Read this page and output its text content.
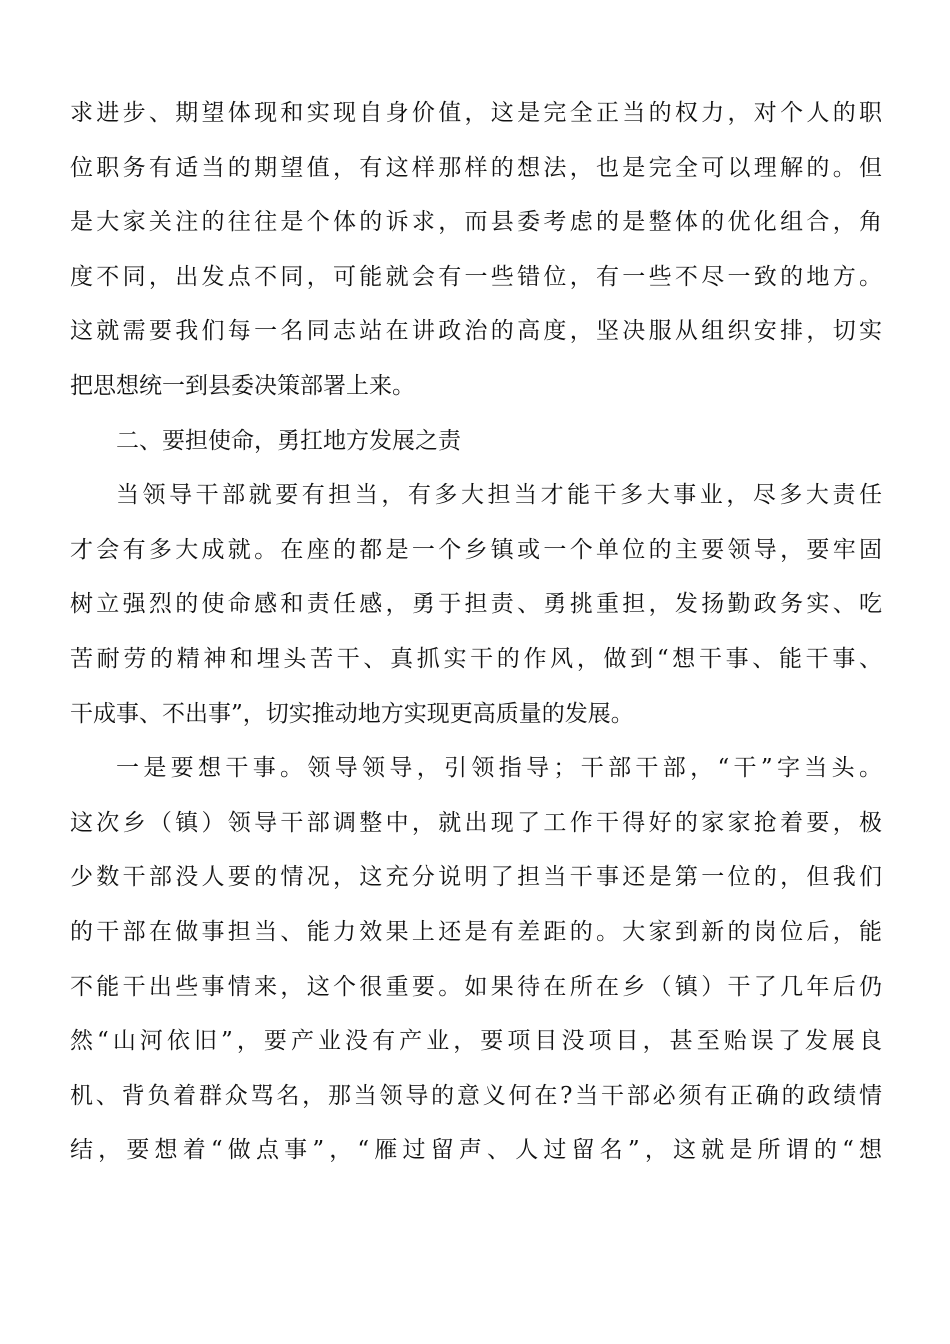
求进步、期望体现和实现自身价值，这是完全正当的权力，对个人的职
位职务有适当的期望值，有这样那样的想法，也是完全可以理解的。但
是大家关注的往往是个体的诉求，而县委考虑的是整体的优化组合，角
度不同，出发点不同，可能就会有一些错位，有一些不尽一致的地方。
这就需要我们每一名同志站在讲政治的高度，坚决服从组织安排，切实
把思想统一到县委决策部署上来。
二、要担使命，勇扛地方发展之责
当领导干部就要有担当，有多大担当才能干多大事业，尽多大责任
才会有多大成就。在座的都是一个乡镇或一个单位的主要领导，要牢固
树立强烈的使命感和责任感，勇于担责、勇挑重担，发扬勤政务实、吃
苦耐劳的精神和埋头苦干、真抓实干的作风，做到“想干事、能干事、
干成事、不出事”，切实推动地方实现更高质量的发展。
一是要想干事。领导领导，引领指导；干部干部，“干”字当头。
这次乡（镇）领导干部调整中，就出现了工作干得好的家家抢着要，极
少数干部没人要的情况，这充分说明了担当干事还是第一位的，但我们
的干部在做事担当、能力效果上还是有差距的。大家到新的岗位后，能
不能干出些事情来，这个很重要。如果待在所在乡（镇）干了几年后仍
然“山河依旧”，要产业没有产业，要项目没项目，甚至贻误了发展良
机、背负着群众骂名，那当领导的意义何在?当干部必须有正确的政绩情
结，要想着“做点事”，“雁过留声、人过留名”，这就是所谓的“想
